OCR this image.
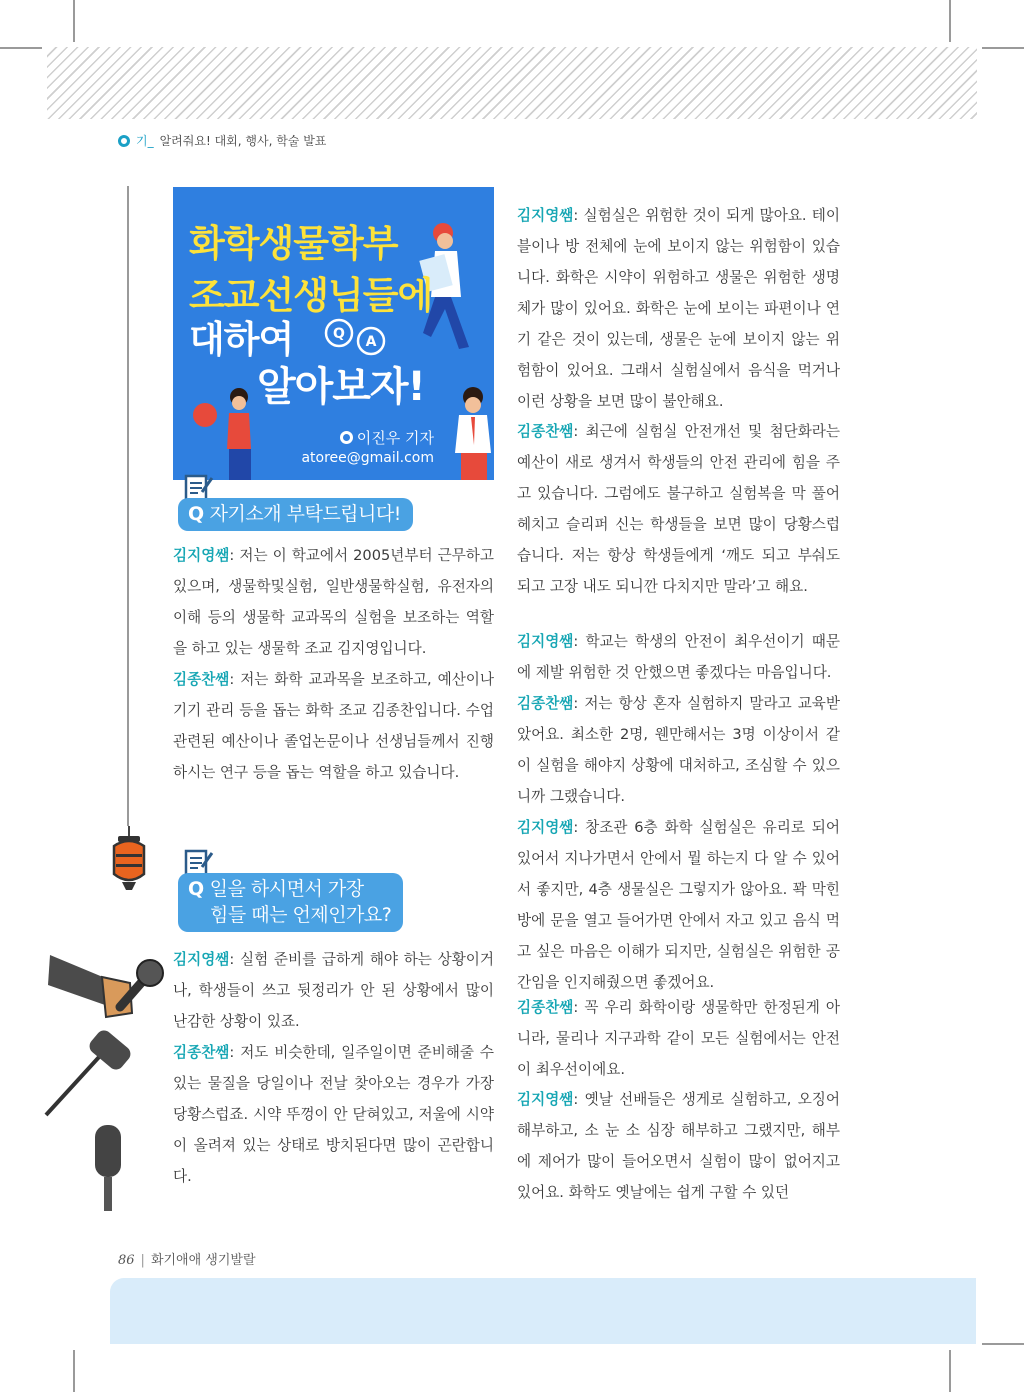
기_ 알려줘요! 대회, 행사, 학술 발표
Q A
화학생물학부
조교선생님들에
대하여
알아보자!
이진우 기자
atoree@gmail.com
Q 자기소개 부탁드립니다!
김지영쌤: 저는 이 학교에서 2005년부터 근무하고 있으며, 생물학및실험, 일반생물학실험, 유전자의이해 등의 생물학 교과목의 실험을 보조하는 역할을 하고 있는 생물학 조교 김지영입니다.
김종찬쌤: 저는 화학 교과목을 보조하고, 예산이나 기기 관리 등을 돕는 화학 조교 김종찬입니다. 수업 관련된 예산이나 졸업논문이나 선생님들께서 진행하시는 연구 등을 돕는 역할을 하고 있습니다.
Q 일을 하시면서 가장
힘들 때는 언제인가요?
김지영쌤: 실험 준비를 급하게 해야 하는 상황이거나, 학생들이 쓰고 뒷정리가 안 된 상황에서 많이 난감한 상황이 있죠.
김종찬쌤: 저도 비슷한데, 일주일이면 준비해줄 수 있는 물질을 당일이나 전날 찾아오는 경우가 가장 당황스럽죠. 시약 뚜껑이 안 닫혀있고, 저울에 시약이 올려져 있는 상태로 방치된다면 많이 곤란합니다.
김지영쌤: 실험실은 위험한 것이 되게 많아요. 테이블이나 방 전체에 눈에 보이지 않는 위험함이 있습니다. 화학은 시약이 위험하고 생물은 위험한 생명체가 많이 있어요. 화학은 눈에 보이는 파편이나 연기 같은 것이 있는데, 생물은 눈에 보이지 않는 위험함이 있어요. 그래서 실험실에서 음식을 먹거나 이런 상황을 보면 많이 불안해요.
김종찬쌤: 최근에 실험실 안전개선 및 첨단화라는 예산이 새로 생겨서 학생들의 안전 관리에 힘을 주고 있습니다. 그럼에도 불구하고 실험복을 막 풀어헤치고 슬리퍼 신는 학생들을 보면 많이 당황스럽습니다. 저는 항상 학생들에게 ‘깨도 되고 부숴도 되고 고장 내도 되니깐 다치지만 말라’고 해요.
김지영쌤: 학교는 학생의 안전이 최우선이기 때문에 제발 위험한 것 안했으면 좋겠다는 마음입니다.
김종찬쌤: 저는 항상 혼자 실험하지 말라고 교육받았어요. 최소한 2명, 웬만해서는 3명 이상이서 같이 실험을 해야지 상황에 대처하고, 조심할 수 있으니까 그랬습니다.
김지영쌤: 창조관 6층 화학 실험실은 유리로 되어있어서 지나가면서 안에서 뭘 하는지 다 알 수 있어서 좋지만, 4층 생물실은 그렇지가 않아요. 꽉 막힌 방에 문을 열고 들어가면 안에서 자고 있고 음식 먹고 싶은 마음은 이해가 되지만, 실험실은 위험한 공간임을 인지해줬으면 좋겠어요.
김종찬쌤: 꼭 우리 화학이랑 생물학만 한정된게 아니라, 물리나 지구과학 같이 모든 실험에서는 안전이 최우선이에요.
김지영쌤: 옛날 선배들은 생게로 실험하고, 오징어 해부하고, 소 눈 소 심장 해부하고 그랬지만, 해부에 제어가 많이 들어오면서 실험이 많이 없어지고 있어요. 화학도 옛날에는 쉽게 구할 수 있던
86 | 화기애애 생기발랄
